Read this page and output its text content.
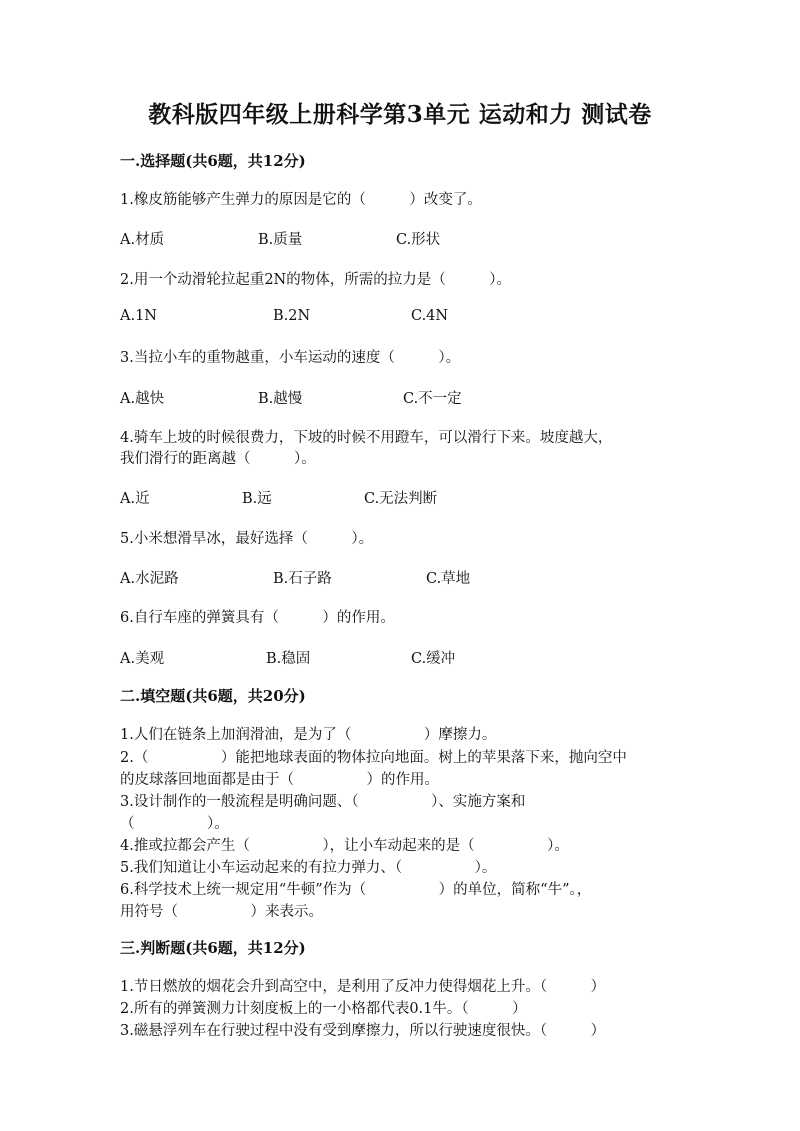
教科版四年级上册科学第3单元 运动和力 测试卷
一.选择题(共6题，共12分)
1.橡皮筋能够产生弹力的原因是它的（　　　）改变了。
A.材质	B.质量	C.形状
2.用一个动滑轮拉起重2N的物体，所需的拉力是（　　　）。
A.1N	B.2N	C.4N
3.当拉小车的重物越重，小车运动的速度（　　　）。
A.越快	B.越慢	C.不一定
4.骑车上坡的时候很费力，下坡的时候不用蹬车，可以滑行下来。坡度越大，
我们滑行的距离越（　　　）。
A.近	B.远	C.无法判断
5.小米想滑旱冰，最好选择（　　　）。
A.水泥路	B.石子路	C.草地
6.自行车座的弹簧具有（　　　）的作用。
A.美观	B.稳固	C.缓冲
二.填空题(共6题，共20分)
1.人们在链条上加润滑油，是为了（　　　　　）摩擦力。
2.（　　　　　）能把地球表面的物体拉向地面。树上的苹果落下来，抛向空中
的皮球落回地面都是由于（　　　　　）的作用。
3.设计制作的一般流程是明确问题、（　　　　　）、实施方案和
（　　　　　）。
4.推或拉都会产生（　　　　　），让小车动起来的是（　　　　　）。
5.我们知道让小车运动起来的有拉力弹力、（　　　　　）。
6.科学技术上统一规定用“牛顿”作为（　　　　　）的单位，简称“牛”。，
用符号（　　　　　）来表示。
三.判断题(共6题，共12分)
1.节日燃放的烟花会升到高空中，是利用了反冲力使得烟花上升。（　　　）
2.所有的弹簧测力计刻度板上的一小格都代表0.1牛。（　　　）
3.磁悬浮列车在行驶过程中没有受到摩擦力，所以行驶速度很快。（　　　）
